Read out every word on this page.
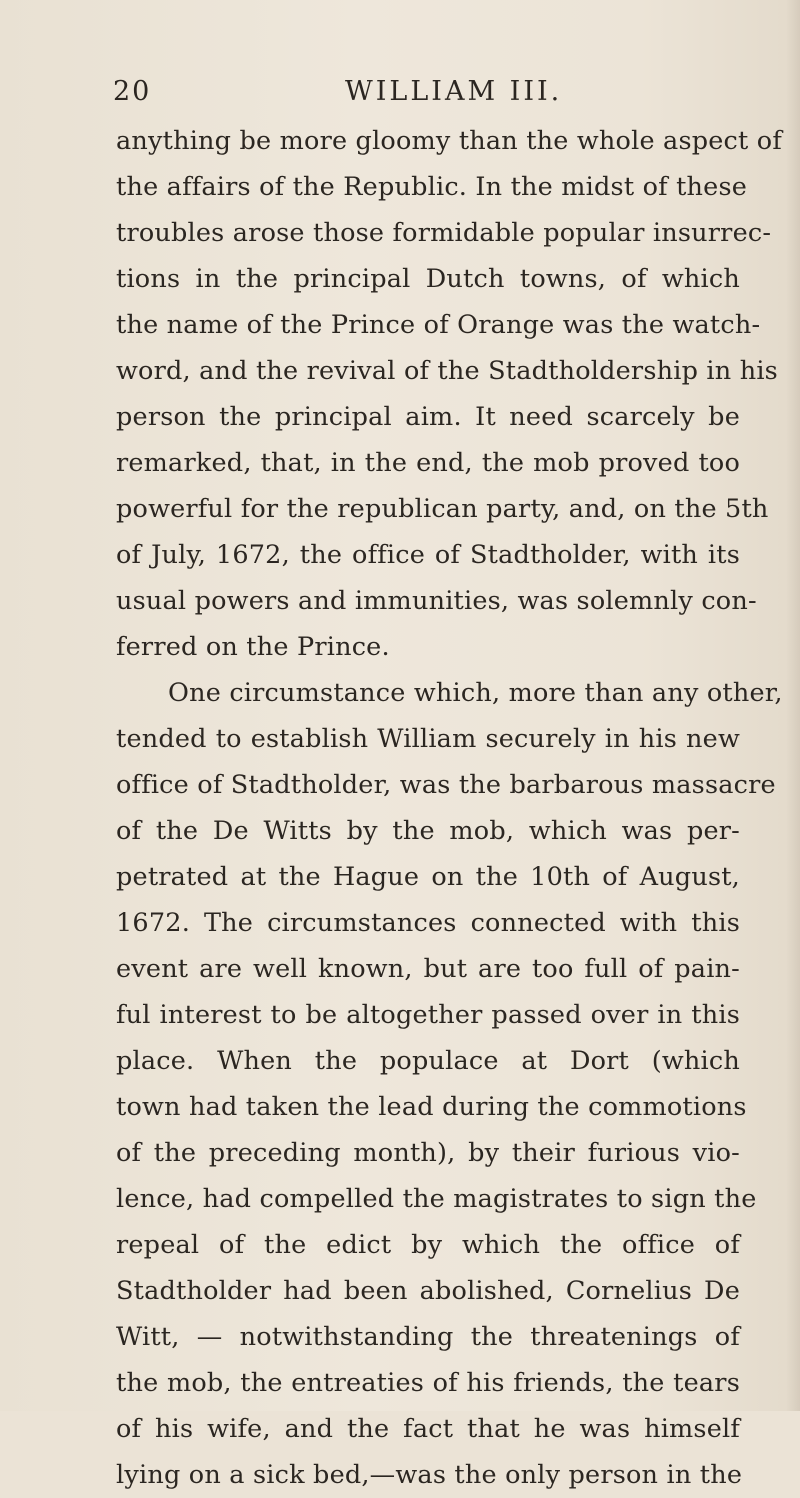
20	WILLIAM III.
anything be more gloomy than the whole aspect of
the affairs of the Republic. In the midst of these
troubles arose those formidable popular insurrec-
tions in the principal Dutch towns, of which
the name of the Prince of Orange was the watch-
word, and the revival of the Stadtholdership in his
person the principal aim. It need scarcely be
remarked, that, in the end, the mob proved too
powerful for the republican party, and, on the 5th
of July, 1672, the office of Stadtholder, with its
usual powers and immunities, was solemnly con-
ferred on the Prince.
One circumstance which, more than any other,
tended to establish William securely in his new
office of Stadtholder, was the barbarous massacre
of the De Witts by the mob, which was per-
petrated at the Hague on the 10th of August,
1672. The circumstances connected with this
event are well known, but are too full of pain-
ful interest to be altogether passed over in this
place. When the populace at Dort (which
town had taken the lead during the commotions
of the preceding month), by their furious vio-
lence, had compelled the magistrates to sign the
repeal of the edict by which the office of
Stadtholder had been abolished, Cornelius De
Witt, — notwithstanding the threatenings of
the mob, the entreaties of his friends, the tears
of his wife, and the fact that he was himself
lying on a sick bed,—was the only person in the
